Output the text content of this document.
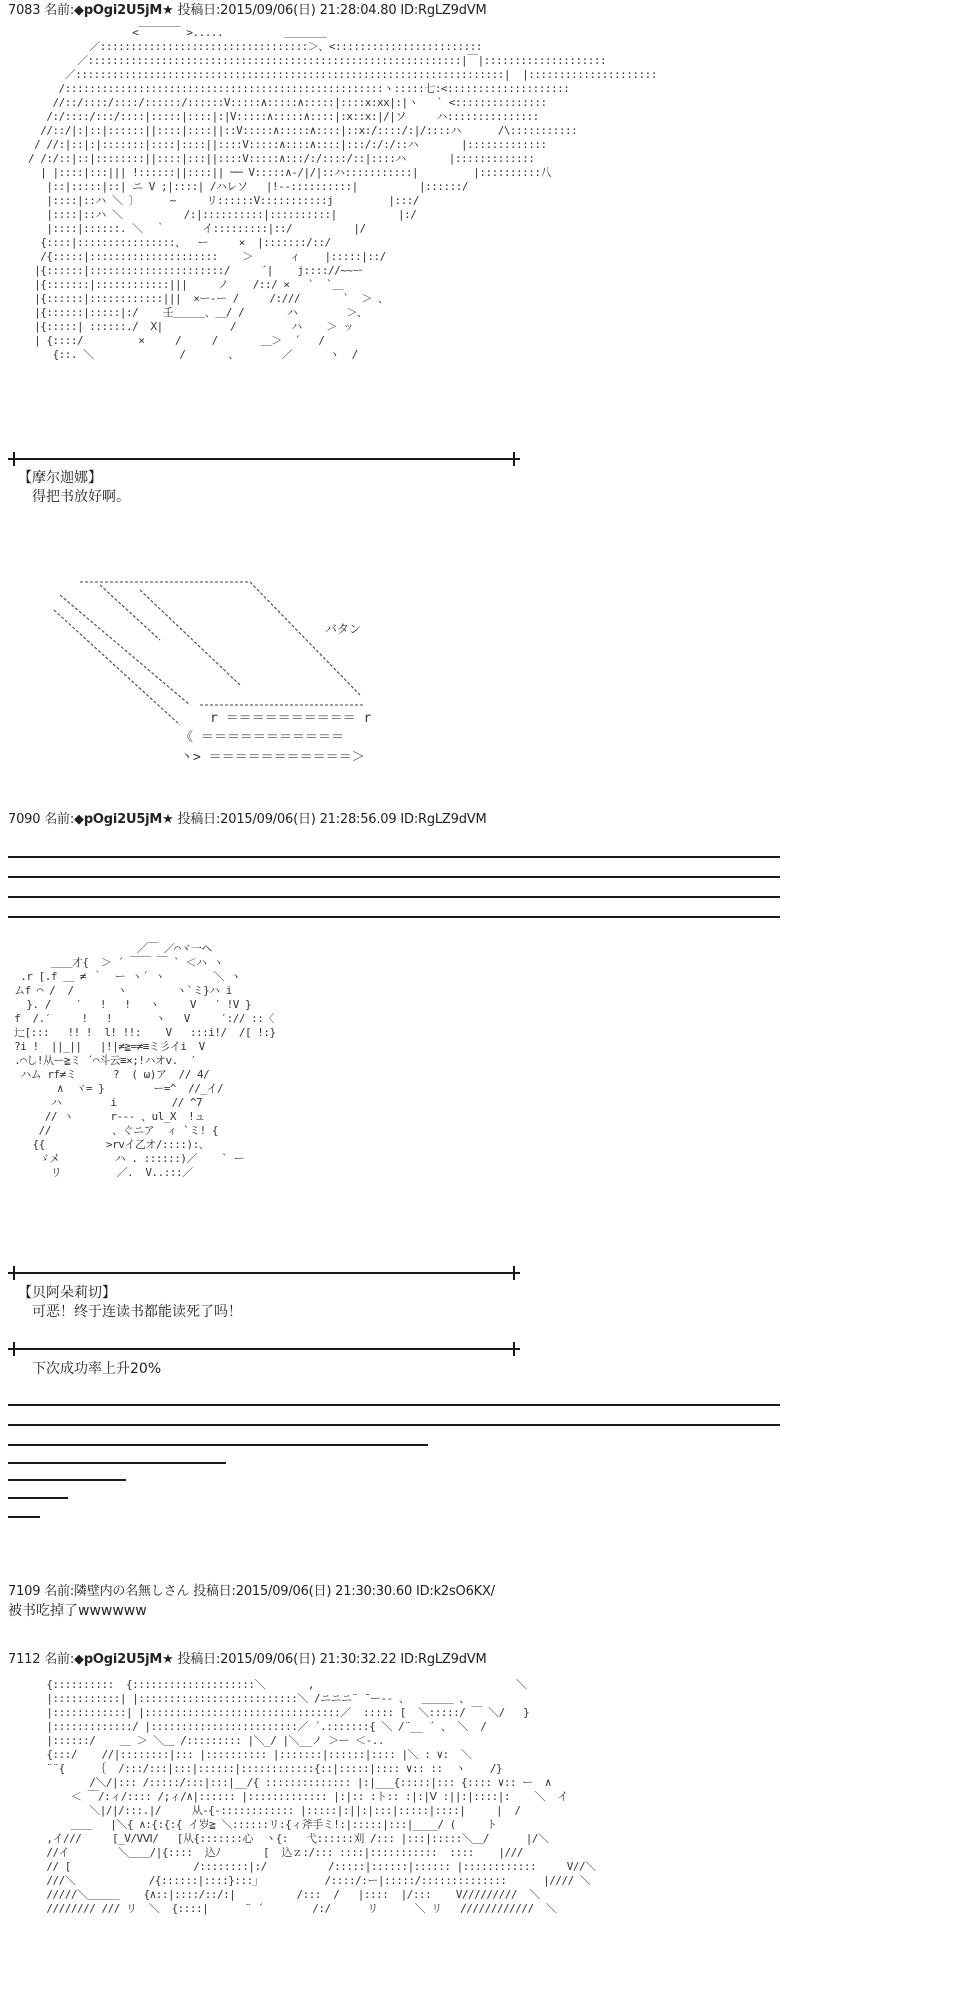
7083 名前:◆pOgi2U5jM★ 投稿日:2015/09/06(日) 21:28:04.80 ID:RgLZ9dVM
<￣￣￣￣ >.....          ＿＿＿＿
／::::::::::::::::::::::::::::::::::＞、<::::::::::::::::::::::::
／:::::::::::::::::::::::::::::::::::::::::::::::::::::::::::::|￣|::::::::::::::::::::
／::::::::::::::::::::::::::::::::::::::::::::::::::::::::::::::::::::::|  |:::::::::::::::::::::
/::::::::::::::::::::::::::::::::::::::::::::::::::::ヽ:::::七:<::::::::::::::::::::
//::/::::/::::/::::::/::::::V:::::∧:::::∧:::::|::::x:xx|:|ヽ   ` <:::::::::::::::
/:/::::/:::/::::|:::::|::::|:|V:::::∧:::::∧::::|:x::x:|/|ソ     ハ:::::::::::::::
//::/|:|::|::::::||::::|::::||::V:::::∧:::::∧::::|::x:/::::/:|/::::ハ      /\:::::::::::
/ //:|::|:|:::::::|::::|::::||::::V:::::∧::::∧::::|:::/:/:/::ハ       |:::::::::::::
/ /:/::|::|::::::::||::::|:::||::::V:::::∧:::/:/::::/::|::::ハ       |:::::::::::::
| |::::|:::||| !::::::||::::|| ── V:::::∧-/|/|::ハ:::::::::::|         |::::::::::八
|::|:::::|::| ニ V ;|::::| /ハレソ   |!--::::::::::|          |::::::/
|::::|::ハ ＼ 〕     ~     リ::::::V:::::::::::j         |:::/
|::::|::ハ ＼          /:|::::::::::|::::::::::|          |:/
|::::|::::::. ＼  ｀      イ:::::::::|::/          |/
{::::|::::::::::::::::、  ー     ×  |:::::::/::/
/{:::::|:::::::::::::::::::::    ＞      ィ    |:::::|::/
|{::::::|::::::::::::::::::::::/     ´|    j:::://~~ー
|{:::::::|::::::::::::|||     ノ    /::/ ×   `  `＿
|{::::::|::::::::::::|||  ×ー-ー /     /:///       `  ＞ 、
|{::::::|:::::|:/    壬＿＿＿、＿/ /       ハ        ＞、
|{:::::| ::::::./  X|           /         ハ    ＞ ッ
| {::::/         ×     /     /       ＿＞  ´   /
{::. ＼              /       、       ／      ヽ  /
【摩尔迦娜】
得把书放好啊。
バタン
r ＝＝＝＝＝＝＝＝＝＝ r
《 ＝＝＝＝＝＝＝＝＝＝＝
丶> ＝＝＝＝＝＝＝＝＝＝＝＞
7090 名前:◆pOgi2U5jM★ 投稿日:2015/09/06(日) 21:28:56.09 ID:RgLZ9dVM
／￣ ／⌒ヾ一ヘ
＿＿才{  ＞ ´ ￣￣ ￣ ` ＜ハ ヽ
.r [.f ＿ ≠ ｀  ー ヽ´ ヽ        ＼ ヽ
ムf ⌒ /  /       ヽ        ヽ`ミ}ハ i
}. /    ′   !   !   ヽ     V   ′ !V }
f  /.′     !   !       ヽ   V     ′:// ::〈
辷[:::   !! !  l! !!:    V   :::i!/  /[ !:}
?i !  ||_||   |!|≠≧=≠≡ミ彡イi  V
.⌒し!从ー≧ミ ´⌒斗云≡×;!ハオv.  ′
ハム rf≠ミ      ?  ( ω)ア  // 4/
∧  ヾ= }        ー=^  //_イ/
ハ        i         // ^7
// ヽ      r--- 、ul_X  !ュ
//          、ぐニア  ィ `ミ! {
{{          >rvイ乙オ/::::):、
ゞメ         ハ . ::::::)／    ` ー
リ         ／.  V..:::／
【贝阿朵莉切】
可恶！终于连读书都能读死了吗！
下次成功率上升20%
7109 名前:隣壁内の名無しさん 投稿日:2015/09/06(日) 21:30:30.60 ID:k2sO6KX/
被书吃掉了wwwwww
7112 名前:◆pOgi2U5jM★ 投稿日:2015/09/06(日) 21:30:32.22 ID:RgLZ9dVM
{::::::::::  {::::::::::::::::::::＼       ,                                 ＼
|:::::::::::| |::::::::::::::::::::::::::＼ /ニニニ¨ ̄ ー-- 、  ＿＿＿ 、
|::::::::::::| |::::::::::::::::::::::::::::::::／  ::::: [  ＼:::::/ ￣ ＼/   }
|:::::::::::::/ |::::::::::::::::::::::::／ ´.:::::::{ ＼ /¨__ ´ 、 ＼  /
|::::::/    ＿ ＞ ＼＿ /::::::::: |＼_/ |＼__ノ ＞ー ＜-..
{:::/    //|::::::::|::: |:::::::::: |:::::::|::::::|:::: |＼ : ∨:  ＼
¨¨{     ｛  /:::/:::|:::|::::::|::::::::::::{::|:::::|:::: ∨:: ::  ヽ    /}
/＼/|::: /:::::/:::|:::|__/{ :::::::::::::: |:|___{:::::|::: {:::: ∨:: ー  ∧
＜ ￣/:ィ/:::: /;ィ/∧|:::::: |::::::::::::: |:|:: :ト:: :|:|Ⅴ :||:|::::|:    ＼  イ
＼|/|/:::.|/     从-{-:::::::::::: |:::::|:||:|:::|:::::|::::|     |  /
＿＿   |＼{ ∧:{:{:{ イ岁≧ ＼::::::リ:{ィ斧手ミ!:|:::::|:::|____/ (     ト
,イ///     [_V/VⅥ/   [从{:::::::心  ヽ{:   弋::::::刈 /::: |:::|:::::＼＿/      |/＼
//イ        ＼＿＿/|{::::  込ﾉ       [  込ｚ:/::: ::::|:::::::::::  ::::    |///
// [                    /::::::::|:/          /:::::|::::::|:::::: |::::::::::::     V//＼
///＼            /{::::::|::::}:::」          /::::/:ー|:::::/::::::::::::::      |//// ＼
/////＼＿＿＿    {∧::|::::/::/:|          /:::  /   |::::  |/:::    V/////////  ＼
//////// /// リ  ＼  {::::|      ¨ ´        /:/      リ      ＼ リ   ////////////  ＼
